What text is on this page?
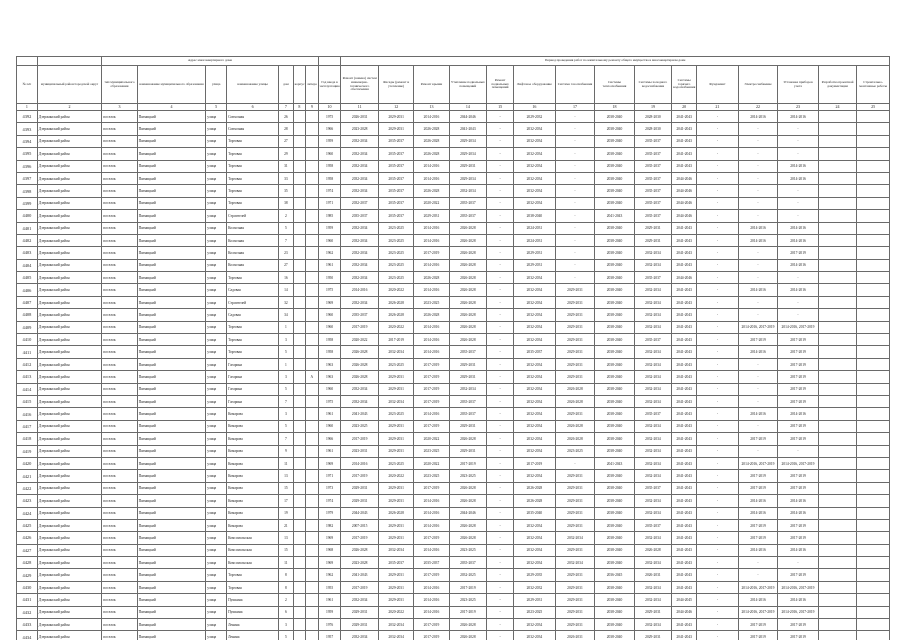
		Адрес многоквартирного дома								Период проведения работ по капитальному ремонту общего имущества в многоквартирном доме														
№ п/п	муниципальный район/городской округ	тип муниципального образования	наименование муниципального образования	улица	наименование улицы	дом	корпус	литера	Год ввода в эксплуатацию	Ремонт (замена) систем инженерно-технического обеспечения	Фасады (ремонт и утепление)	Ремонт крыши	Утепление подвальных помещений	Ремонт подвальных помещений	Лифтовое оборудование	Система газоснабжения	Системы теплоснабжения	Системы холодного водоснабжения	Системы горячего водоснабжения	Фундамент	Электроснабжение	Установка приборов учета	Разработка проектной документации	Строительно-монтажные работы
1	2	3	4	5	6	7	8	9	10	11	12	13	14	15	16	17	18	19	20	21	22	23	24	25
4392	Дзержинский район	поселок	Пятницкий	улица	Совхозная	26			1975	2026-2031	2029-2031	2014-2016	2044-2046	-	2029-2032	-	2038-2040	2028-2030	2041-2043	-	2014-2016	2014-2016		
4393	Дзержинский район	поселок	Пятницкий	улица	Совхозная	28			1966	2023-2028	2029-2031	2026-2028	2041-2043	-	2032-2034	-	2038-2040	2028-2030	2041-2043	-	-	-		
4394	Дзержинский район	поселок	Пятницкий	улица	Торговая	27			1959	2032-2034	2035-2037	2026-2028	2029-2034	-	2032-2034	-	2038-2040	2035-2037	2041-2043	-	-	-		
4395	Дзержинский район	поселок	Пятницкий	улица	Торговая	29			1960	2032-2034	2035-2037	2026-2028	2029-2034	-	2032-2034	-	2038-2040	2035-2037	2041-2043	-	-	-		
4396	Дзержинский район	поселок	Пятницкий	улица	Торговая	31			1958	2032-2034	2035-2037	2014-2016	2029-2031	-	2032-2034	-	2038-2040	2035-2037	2041-2043	-	-	2014-2016		
4397	Дзержинский район	поселок	Пятницкий	улица	Торговая	33			1958	2032-2034	2035-2037	2014-2016	2029-2034	-	2032-2034	-	2038-2040	2035-2037	2044-2046	-	-	2014-2016		
4398	Дзержинский район	поселок	Пятницкий	улица	Торговая	35			1974	2032-2034	2035-2037	2026-2028	2032-2034	-	2032-2034	-	2038-2040	2035-2037	2044-2046	-	-	-		
4399	Дзержинский район	поселок	Пятницкий	улица	Торговая	38			1971	2032-2037	2035-2037	2020-2022	2035-2037	-	2032-2034	-	2038-2040	2035-2037	2044-2046	-	-	-		
4400	Дзержинский район	поселок	Пятницкий	улица	Строителей	2			1985	2035-2037	2035-2037	2029-2031	2035-2037	-	2038-2040	-	2041-2043	2035-2037	2044-2046	-	-	-		
4401	Дзержинский район	поселок	Пятницкий	улица	Колхозная	5			1959	2032-2034	2023-2025	2014-2016	2026-2028	-	2024-2031	-	2038-2040	2029-2031	2041-2043	-	2014-2016	2014-2016		
4402	Дзержинский район	поселок	Пятницкий	улица	Колхозная	7			1960	2032-2034	2023-2025	2014-2016	2026-2028	-	2024-2031	-	2038-2040	2029-2031	2041-2043	-	2014-2016	2014-2016		
4403	Дзержинский район	поселок	Пятницкий	улица	Колхозная	23			1962	2032-2034	2023-2025	2017-2019	2026-2028	-	2029-2031	-	2038-2040	2032-2034	2041-2043	-	-	2017-2019		
4404	Дзержинский район	поселок	Пятницкий	улица	Колхозная	27			1961	2032-2034	2023-2025	2014-2016	2026-2028	-	2029-2031	-	2038-2040	2032-2034	2041-2043	-	-	2014-2016		
4405	Дзержинский район	поселок	Пятницкий	улица	Торговая	16			1950	2032-2034	2023-2025	2026-2028	2026-2028	-	2032-2034	-	2038-2040	2035-2037	2044-2046	-	-	-		
4406	Дзержинский район	поселок	Пятницкий	улица	Садовая	14			1975	2014-2016	2020-2022	2014-2016	2026-2028	-	2032-2034	2029-2031	2038-2040	2032-2034	2041-2043	-	2014-2016	2014-2016		
4407	Дзержинский район	поселок	Пятницкий	улица	Строителей	32			1969	2032-2034	2026-2028	2023-2025	2026-2028	-	2032-2034	2029-2031	2038-2040	2032-2034	2041-2043	-	-	-		
4408	Дзержинский район	поселок	Пятницкий	улица	Садовая	34			1960	2035-2037	2026-2028	2026-2028	2026-2028	-	2032-2034	2029-2031	2038-2040	2032-2034	2041-2043	-	-	-		
4409	Дзержинский район	поселок	Пятницкий	улица	Торговая	1			1960	2017-2019	2020-2022	2014-2016	2026-2028	-	2032-2034	2029-2031	2038-2040	2032-2034	2041-2043	-	2014-2016, 2017-2019	2014-2016, 2017-2019		
4410	Дзержинский район	поселок	Пятницкий	улица	Торговая	3			1958	2020-2022	2017-2019	2014-2016	2026-2028	-	2032-2034	2029-2031	2038-2040	2035-2037	2041-2043	-	2017-2019	2017-2019		
4411	Дзержинский район	поселок	Пятницкий	улица	Торговая	5			1958	2026-2028	2032-2034	2014-2016	2035-2037	-	2035-2037	2029-2031	2038-2040	2032-2034	2041-2043	-	2014-2016	2017-2019		
4412	Дзержинский район	поселок	Пятницкий	улица	Гагарина	1			1963	2026-2028	2023-2025	2017-2019	2029-2031	-	2032-2034	2029-2031	2038-2040	2032-2034	2041-2043	-	-	2017-2019		
4413	Дзержинский район	поселок	Пятницкий	улица	Гагарина	3		А	1963	2026-2028	2029-2031	2017-2019	2029-2031	-	2032-2034	2029-2031	2038-2040	2032-2034	2041-2043	-	-	2017-2019		
4414	Дзержинский район	поселок	Пятницкий	улица	Гагарина	5			1960	2032-2034	2029-2031	2017-2019	2032-2034	-	2032-2034	2026-2028	2038-2040	2032-2034	2041-2043	-	-	2017-2019		
4415	Дзержинский район	поселок	Пятницкий	улица	Гагарина	7			1975	2032-2034	2032-2034	2017-2019	2035-2037	-	2032-2034	2026-2028	2038-2040	2032-2034	2041-2043	-	-	2017-2019		
4416	Дзержинский район	поселок	Пятницкий	улица	Комарова	3			1961	2041-2043	2023-2025	2014-2016	2035-2037	-	2032-2034	2029-2031	2038-2040	2035-2037	2041-2043	-	2014-2016	2014-2016		
4417	Дзержинский район	поселок	Пятницкий	улица	Комарова	5			1960	2023-2025	2029-2031	2017-2019	2029-2031	-	2032-2034	2026-2028	2038-2040	2032-2034	2041-2043	-	-	2017-2019		
4418	Дзержинский район	поселок	Пятницкий	улица	Комарова	7			1966	2017-2019	2029-2031	2020-2022	2026-2028	-	2032-2034	2026-2028	2038-2040	2032-2034	2041-2043	-	2017-2019	2017-2019		
4419	Дзержинский район	поселок	Пятницкий	улица	Комарова	9			1961	2023-2031	2029-2031	2023-2025	2029-2031	-	2032-2034	2023-2025	2038-2040	2032-2034	2041-2043	-	-	-		
4420	Дзержинский район	поселок	Пятницкий	улица	Комарова	11			1969	2014-2016	2023-2025	2020-2022	2017-2019	-	2017-2019	-	2041-2043	2032-2034	2041-2043	-	2014-2016, 2017-2019	2014-2016, 2017-2019		
4421	Дзержинский район	поселок	Пятницкий	улица	Комарова	13			1971	2017-2019	2020-2022	2023-2025	2023-2025	-	2032-2034	2029-2031	2038-2040	2032-2034	2041-2043	-	2017-2019	2017-2019		
4422	Дзержинский район	поселок	Пятницкий	улица	Комарова	15			1973	2029-2031	2029-2031	2017-2019	2026-2028	-	2026-2028	2029-2031	2038-2040	2035-2037	2041-2043	-	2017-2019	2017-2019		
4423	Дзержинский район	поселок	Пятницкий	улица	Комарова	17			1974	2029-2031	2029-2031	2014-2016	2026-2028	-	2026-2028	2029-2031	2038-2040	2032-2034	2041-2043	-	2014-2016	2014-2016		
4424	Дзержинский район	поселок	Пятницкий	улица	Комарова	19			1979	2044-2043	2026-2028	2014-2016	2044-2046	-	2035-2040	2029-2031	2038-2040	2032-2034	2041-2043	-	2014-2016	2014-2016		
4425	Дзержинский район	поселок	Пятницкий	улица	Комарова	21			1982	2007-2015	2029-2031	2014-2016	2026-2028	-	2032-2034	2029-2031	2038-2040	2035-2037	2041-2043	-	2017-2019	2017-2019		
4426	Дзержинский район	поселок	Пятницкий	улица	Комсомольская	13			1969	2017-2019	2029-2031	2017-2019	2026-2028	-	2032-2034	2032-2034	2038-2040	2032-2034	2041-2043	-	2017-2019	2017-2019		
4427	Дзержинский район	поселок	Пятницкий	улица	Комсомольская	15			1968	2026-2028	2032-2034	2014-2016	2023-2025	-	2032-2034	2029-2031	2038-2040	2026-2028	2041-2043	-	2014-2016	2014-2016		
4428	Дзержинский район	поселок	Пятницкий	улица	Комсомольская	11			1969	2023-2028	2035-2037	2035-2037	2035-2037	-	2032-2034	2032-2034	2038-2040	2032-2034	2041-2043	-	-	-		
4429	Дзержинский район	поселок	Пятницкий	улица	Торговая	8			1962	2041-2043	2029-2031	2017-2019	2032-2025	-	2029-2035	2029-2031	2036-2045	2026-2031	2041-2043	-	-	2017-2019		
4430	Дзержинский район	поселок	Пятницкий	улица	Торговая	8			1955	2017-2019	2029-2031	2014-2016	2017-2019	-	2032-2032	2029-2031	2038-2040	2032-2034	2041-2043	-	2014-2016, 2017-2019	2014-2016, 2017-2019		
4431	Дзержинский район	поселок	Пятницкий	улица	Пушкина	2			1961	2032-2034	2029-2031	2014-2016	2023-2025	-	2029-2031	2029-2031	2038-2040	2032-2034	2044-2045	-	2014-2016	2014-2016		
4432	Дзержинский район	поселок	Пятницкий	улица	Пушкина	6			1959	2029-2031	2020-2022	2014-2016	2017-2019	-	2023-2025	2029-2031	2038-2040	2029-2031	2044-2046	-	2014-2016, 2017-2019	2014-2016, 2017-2019		
4433	Дзержинский район	поселок	Пятницкий	улица	Ленина	3			1976	2029-2031	2032-2034	2017-2019	2026-2028	-	2032-2034	2029-2031	2038-2040	2032-2034	2041-2043	-	2017-2019	2017-2019		
4434	Дзержинский район	поселок	Пятницкий	улица	Ленина	5			1957	2032-2034	2032-2034	2017-2019	2026-2028	-	2032-2034	2026-2031	2038-2040	2029-2031	2041-2043	-	2017-2019	2017-2019		
